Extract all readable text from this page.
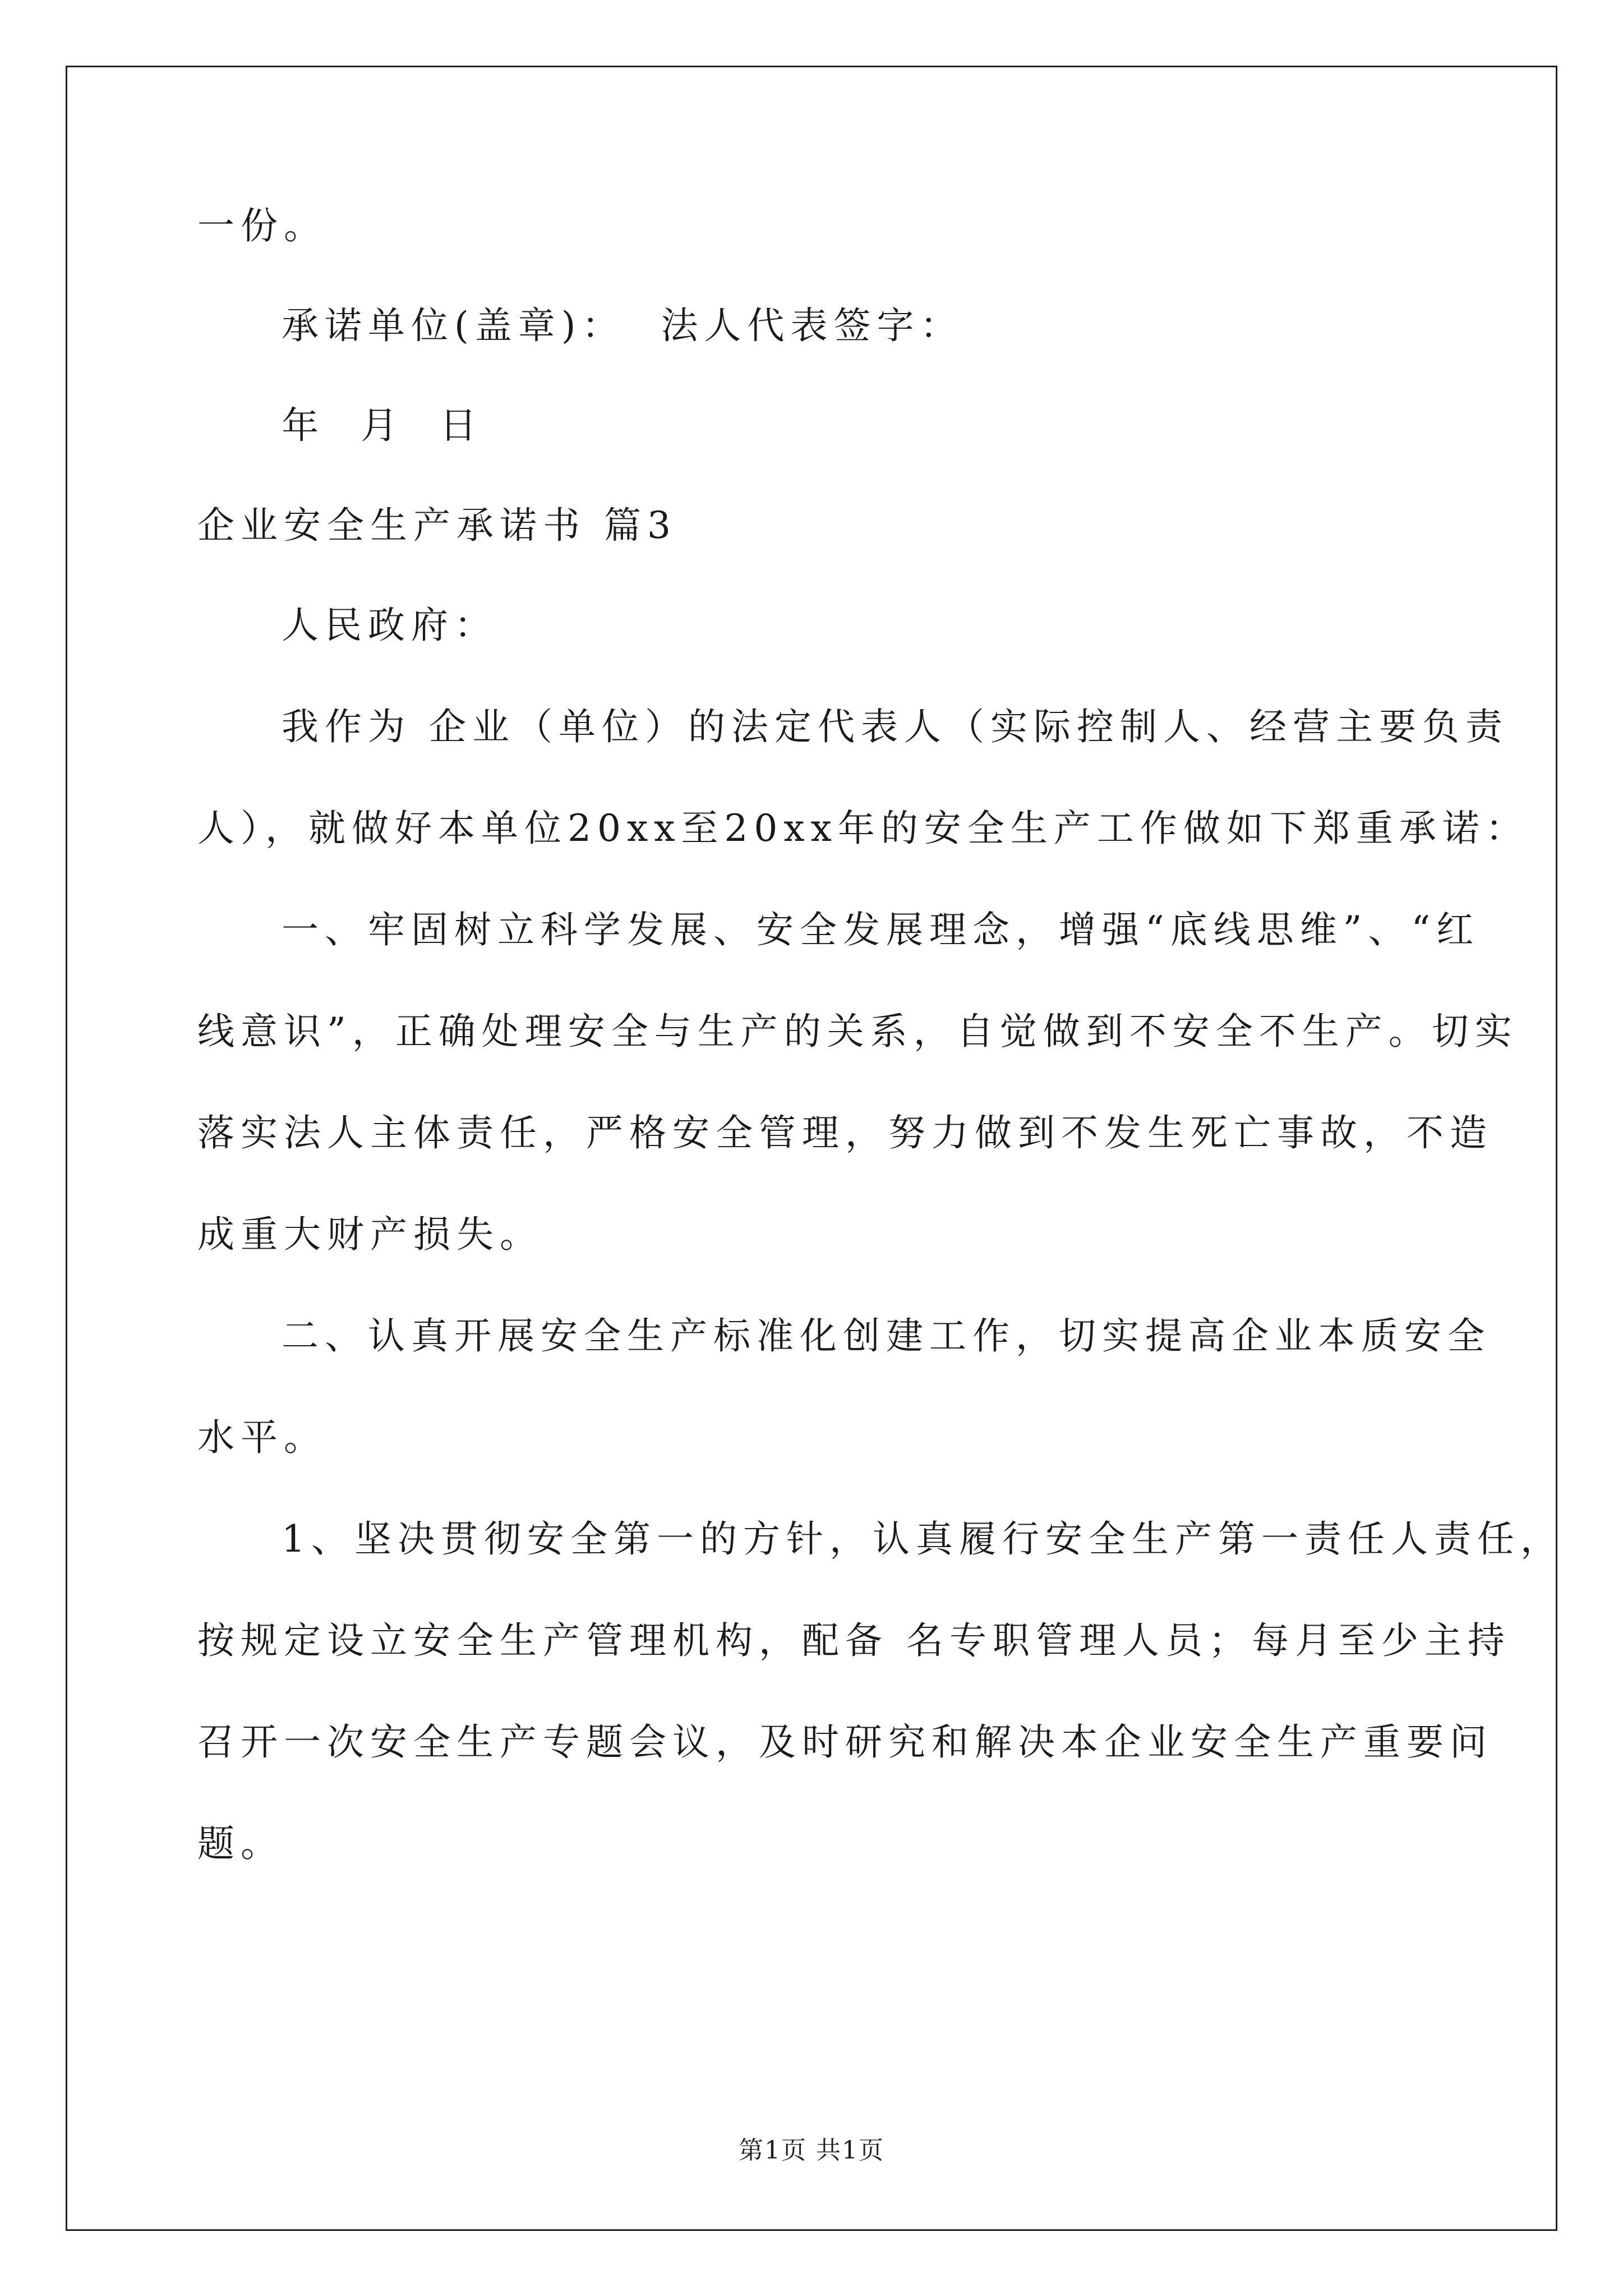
一份。
承诺单位(盖章)：  法人代表签字：
年  月  日
企业安全生产承诺书 篇3
人民政府：
我作为 企业（单位）的法定代表人（实际控制人、经营主要负责
人），就做好本单位20xx至20xx年的安全生产工作做如下郑重承诺：
一、牢固树立科学发展、安全发展理念，增强“底线思维”、“红
线意识”，正确处理安全与生产的关系，自觉做到不安全不生产。切实
落实法人主体责任，严格安全管理，努力做到不发生死亡事故，不造
成重大财产损失。
二、认真开展安全生产标准化创建工作，切实提高企业本质安全
水平。
1、坚决贯彻安全第一的方针，认真履行安全生产第一责任人责任，
按规定设立安全生产管理机构，配备 名专职管理人员；每月至少主持
召开一次安全生产专题会议，及时研究和解决本企业安全生产重要问
题。
第1页 共1页
